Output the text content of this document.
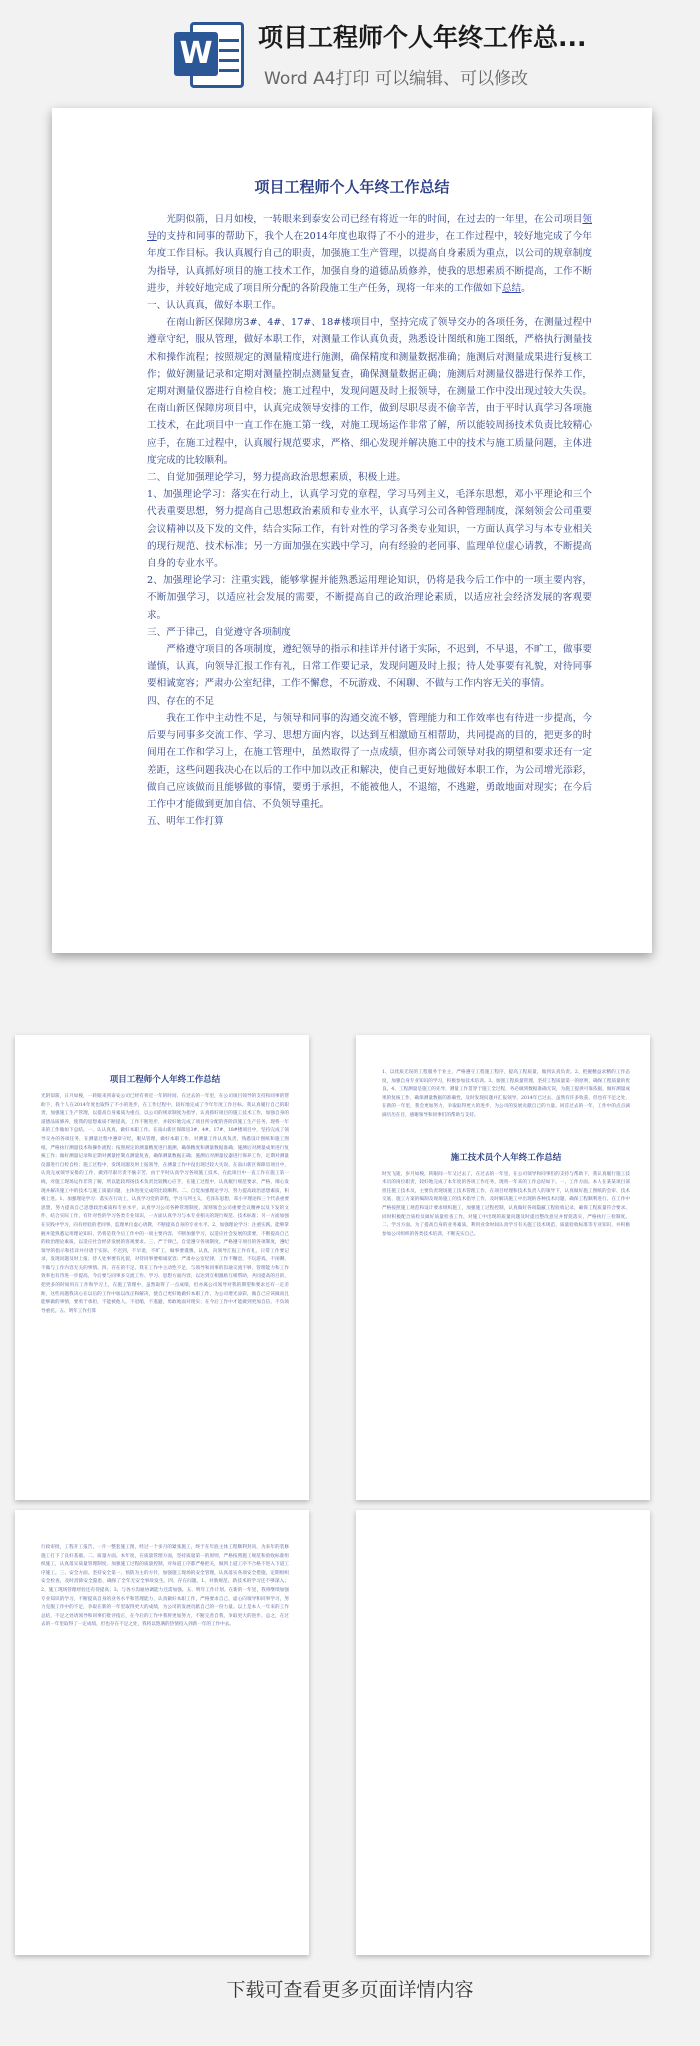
W 项目工程师个人年终工作总...
Word A4打印 可以编辑、可以修改
项目工程师个人年终工作总结

光阴似箭，日月如梭，一转眼来到泰安公司已经有将近一年的时间，在过去的一年里，在公司项目领导的支持和同事的帮助下，我个人在2014年度也取得了不小的进步，在工作过程中，较好地完成了今年年度工作目标。我认真履行自己的职责，加强施工生产管理，以提高自身素质为重点，以公司的规章制度为指导，认真抓好项目的施工技术工作，加强自身的道德品质修养，使我的思想素质不断提高，工作不断进步，并较好地完成了项目所分配的各阶段施工生产任务，现将一年来的工作做如下总结。

一、认认真真，做好本职工作。

在南山新区保障房3#、4#、17#、18#楼项目中，坚持完成了领导交办的各项任务，在测量过程中遵章守纪，服从管理，做好本职工作，对测量工作认真负责，熟悉设计图纸和施工图纸，严格执行测量技术和操作流程；按照规定的测量精度进行施测，确保精度和测量数据准确；施测后对测量成果进行复核工作；做好测量记录和定期对测量控制点测量复查，确保测量数据正确；施测后对测量仪器进行保养工作，定期对测量仪器进行自检自校；施工过程中，发现问题及时上报领导，在测量工作中没出现过较大失误。在南山新区保障房项目中，认真完成领导安排的工作，做到尽职尽责不偷辛苦，由于平时认真学习各项施工技术，在此项目中一直工作在施工第一线，对施工现场运作非常了解，所以能较周扬技术负责比较精心应手，在施工过程中，认真履行规范要求，严格、细心发现并解决施工中的技术与施工质量问题，主体进度完成的比较顺利。

二、自觉加强理论学习，努力提高政治思想素质，积极上进。

1、加强理论学习：落实在行动上，认真学习党的章程，学习马列主义，毛泽东思想，邓小平理论和三个代表重要思想，努力提高自己思想政治素质和专业水平，认真学习公司各种管理制度，深刻领会公司重要会议精神以及下发的文件，结合实际工作，有针对性的学习各类专业知识，一方面认真学习与本专业相关的现行规范、技术标准；另一方面加强在实践中学习，向有经验的老同事、监理单位虚心请教，不断提高自身的专业水平。

2、加强理论学习：注重实践，能够掌握并能熟悉运用理论知识，仍将是我今后工作中的一项主要内容，不断加强学习，以适应社会发展的需要，不断提高自己的政治理论素质，以适应社会经济发展的客观要求。

三、严于律己，自觉遵守各项制度

严格遵守项目的各项制度，遵纪领导的指示和挂详并付诸于实际，不迟到，不早退，不旷工，做事要谨慎，认真，向领导汇报工作有礼，日常工作要记录，发现问题及时上报；待人处事要有礼貌，对待同事要相诚宽容；严肃办公室纪律，工作不懈怠，不玩游戏、不闲聊、不做与工作内容无关的事情。

四、存在的不足

我在工作中主动性不足，与领导和同事的沟通交流不够，管理能力和工作效率也有待进一步提高，今后要与同事多交流工作、学习、思想方面内容，以达到互相激励互相帮助，共同提高的目的，把更多的时间用在工作和学习上，在施工管理中，虽然取得了一点成绩，但亦离公司领导对我的期望和要求还有一定差距，这些问题我决心在以后的工作中加以改正和解决，使自己更好地做好本职工作，为公司增光添彩，做自己应该做而且能够做的事情，要勇于承担，不能被他人，不退缩，不逃避，勇敢地面对现实；在今后工作中才能做到更加自信、不负领导重托。

五、明年工作打算

项目工程师个人年终工作总结

光阴似箭，日月如梭，一转眼来到泰安公司已经有将近一年的时间，在过去的一年里，在公司项目领导的支持和同事的帮助下，我个人在2014年度也取得了不小的进步，在工作过程中，较好地完成了今年年度工作目标。我认真履行自己的职责，加强施工生产管理，以提高自身素质为重点，以公司的规章制度为指导，认真抓好项目的施工技术工作，加强自身的道德品质修养，使我的思想素质不断提高，工作不断进步，并较好地完成了项目所分配的各阶段施工生产任务，现将一年来的工作做如下总结。一、认认真真，做好本职工作。在南山新区保障房3#、4#、17#、18#楼项目中，坚持完成了领导交办的各项任务，在测量过程中遵章守纪，服从管理，做好本职工作，对测量工作认真负责，熟悉设计图纸和施工图纸，严格执行测量技术和操作流程；按照规定的测量精度进行施测，确保精度和测量数据准确；施测后对测量成果进行复核工作；做好测量记录和定期对测量控制点测量复查，确保测量数据正确；施测后对测量仪器进行保养工作，定期对测量仪器进行自检自校；施工过程中，发现问题及时上报领导，在测量工作中没出现过较大失误。在南山新区保障房项目中，认真完成领导安排的工作，做到尽职尽责不偷辛苦，由于平时认真学习各项施工技术，在此项目中一直工作在施工第一线，对施工现场运作非常了解，所以能较周扬技术负责比较精心应手，在施工过程中，认真履行规范要求，严格、细心发现并解决施工中的技术与施工质量问题，主体进度完成的比较顺利。二、自觉加强理论学习，努力提高政治思想素质，积极上进。1、加强理论学习：落实在行动上，认真学习党的章程，学习马列主义，毛泽东思想，邓小平理论和三个代表重要思想，努力提高自己思想政治素质和专业水平，认真学习公司各种管理制度，深刻领会公司重要会议精神以及下发的文件，结合实际工作，有针对性的学习各类专业知识，一方面认真学习与本专业相关的现行规范、技术标准；另一方面加强在实践中学习，向有经验的老同事、监理单位虚心请教，不断提高自身的专业水平。2、加强理论学习：注重实践，能够掌握并能熟悉运用理论知识，仍将是我今后工作中的一项主要内容，不断加强学习，以适应社会发展的需要，不断提高自己的政治理论素质，以适应社会经济发展的客观要求。三、严于律己，自觉遵守各项制度。严格遵守项目的各项制度，遵纪领导的指示和挂详并付诸于实际，不迟到，不早退，不旷工，做事要谨慎，认真，向领导汇报工作有礼，日常工作要记录，发现问题及时上报；待人处事要有礼貌，对待同事要相诚宽容；严肃办公室纪律，工作不懈怠，不玩游戏、不闲聊、不做与工作内容无关的事情。四、存在的不足。我在工作中主动性不足，与领导和同事的沟通交流不够，管理能力和工作效率也有待进一步提高，今后要与同事多交流工作、学习、思想方面内容，以达到互相激励互相帮助，共同提高的目的，把更多的时间用在工作和学习上，在施工管理中，虽然取得了一点成绩，但亦离公司领导对我的期望和要求还有一定差距，这些问题我决心在以后的工作中加以改正和解决，使自己更好地做好本职工作，为公司增光添彩，做自己应该做而且能够做的事情，要勇于承担，不能被他人，不退缩，不逃避，勇敢地面对现实；在今后工作中才能做到更加自信、不负领导重托。五、明年工作打算

1、以优质无误的工程服务于业主，严格遵守工程施工程序，提高工程质量，做到认真负责。2、把握精益求精的工作态度，加强自身专业知识的学习，积极参加技术培训。3、加强工程质量管理，坚持工程质量第一的原则，确保工程质量的优良。4、工程测量是施工的先导，测量工作贯穿于施工全过程，务必做到数据准确无误，为施工提供可靠依据，做好测量成果的复核工作，确保测量数据的准确性，及时发现问题并汇报领导。2014年已过去，虽然有许多收获，但也有不足之处，在新的一年里，我会更加努力，争取取得更大的进步，为公司的发展贡献自己的力量。回首过去的一年，工作中的点点滴滴历历在目，感谢领导和同事们的帮助与支持。

施工技术员个人年终工作总结

时光飞逝，岁月如梭，转眼间一年又过去了，在过去的一年里，在公司领导和同事们的支持与帮助下，我认真履行施工技术员的岗位职责，较好地完成了本年度的各项工作任务，现将一年来的工作总结如下。一、工作方面。本人在某某项目部担任施工技术员，主要负责现场施工技术管理工作，在项目经理和技术负责人的领导下，认真做好施工图纸的会审、技术交底、施工方案的编制及现场施工的技术指导工作，及时解决施工中出现的各种技术问题，确保工程顺利进行。在工作中严格按照施工规范和设计要求组织施工，加强施工过程控制，认真做好各项隐蔽工程验收记录，确保工程质量符合要求。同时积极配合质检员做好质量检查工作，对施工中出现的质量问题及时提出整改意见并督促落实，严格执行三检制度。二、学习方面。为了提高自身的业务素质，利用业余时间认真学习有关施工技术规范、质量验收标准等专业知识，并积极参加公司组织的各类技术培训，不断充实自己。

行政审批，工程开工报告，一片一整套施工图，经过一个多月的紧张施工，终于在年底主体工程顺利封顶，为来年的装修施工打下了良好基础。二、质量方面。本年度，在质量管理方面，坚持质量第一的原则，严格按照施工规范和验收标准组织施工，认真落实质量管理制度，加强施工过程的质量控制，对每道工序都严格把关，做到上道工序不合格不进入下道工序施工。三、安全方面。坚持安全第一、预防为主的方针，加强施工现场的安全管理，认真落实各项安全措施，定期组织安全检查，及时消除安全隐患，确保了全年无安全事故发生。四、存在问题。1、对新规范、新技术的学习还不够深入；2、施工现场管理经验还有待提高；3、与各方沟通协调能力还需加强。五、明年工作计划。在新的一年里，我将继续加强专业知识的学习，不断提高自身的业务水平和管理能力，认真做好本职工作，严格要求自己，虚心向领导和同事学习，努力克服工作中的不足，争取在新的一年里取得更大的成绩，为公司的发展贡献自己的一份力量。以上是本人一年来的工作总结，不足之处请领导和同事们批评指正，在今后的工作中我将更加努力，不断完善自我，争取更大的进步。总之，在过去的一年里取得了一定成绩，但也存在不足之处，我将以饱满的热情投入到新一年的工作中去。

下载可查看更多页面详情内容
